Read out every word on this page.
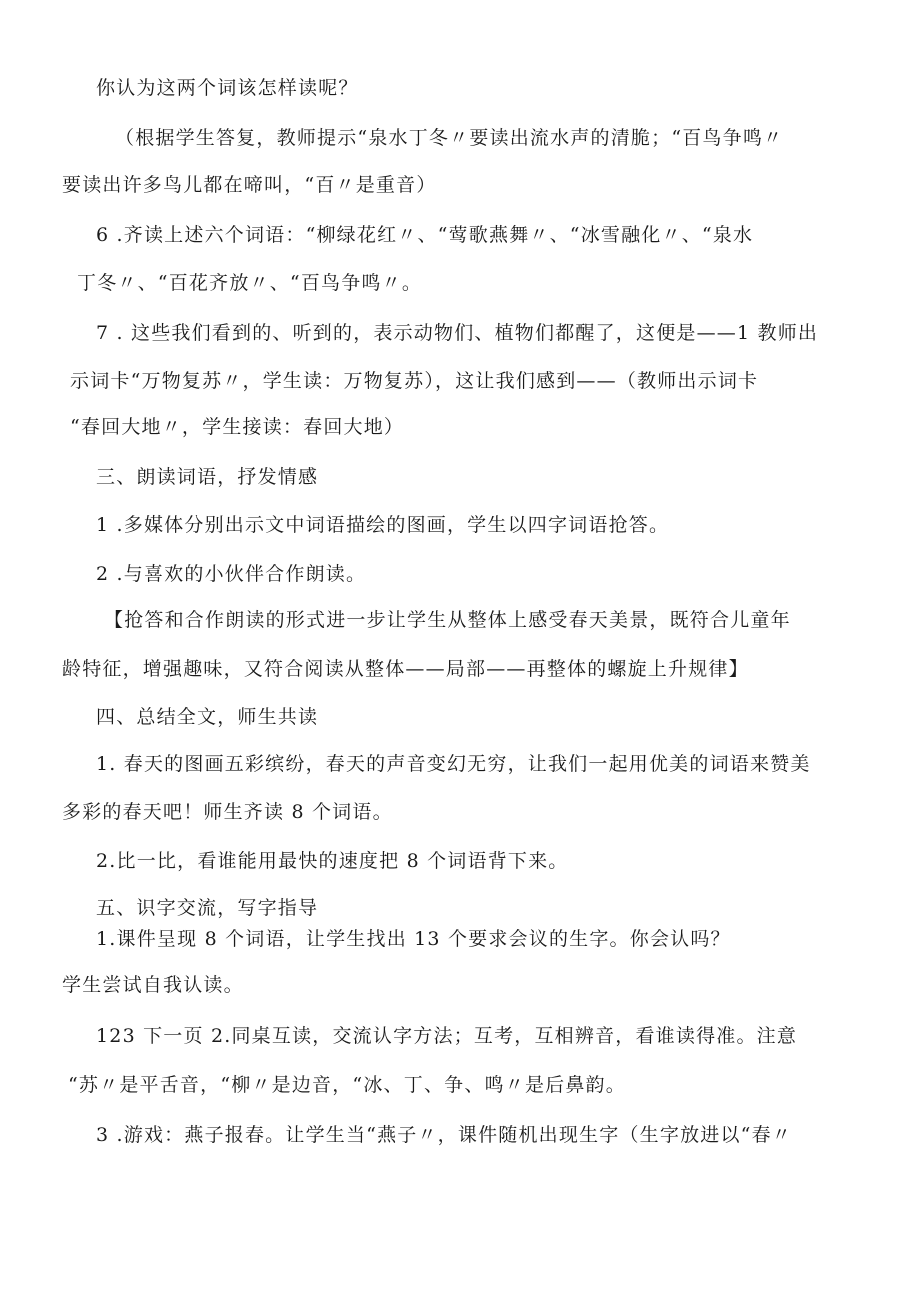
你认为这两个词该怎样读呢？
（根据学生答复，教师提示“泉水丁冬〃要读出流水声的清脆；“百鸟争鸣〃
要读出许多鸟儿都在啼叫，“百〃是重音）
6 .齐读上述六个词语：“柳绿花红〃、“莺歌燕舞〃、“冰雪融化〃、“泉水
丁冬〃、“百花齐放〃、“百鸟争鸣〃。
7 . 这些我们看到的、听到的，表示动物们、植物们都醒了，这便是——1 教师出
示词卡“万物复苏〃，学生读：万物复苏），这让我们感到——（教师出示词卡
“春回大地〃，学生接读：春回大地）
三、朗读词语，抒发情感
1 .多媒体分别出示文中词语描绘的图画，学生以四字词语抢答。
2 .与喜欢的小伙伴合作朗读。
【抢答和合作朗读的形式进一步让学生从整体上感受春天美景，既符合儿童年
龄特征，增强趣味，又符合阅读从整体——局部——再整体的螺旋上升规律】
四、总结全文，师生共读
1. 春天的图画五彩缤纷，春天的声音变幻无穷，让我们一起用优美的词语来赞美
多彩的春天吧！师生齐读 8 个词语。
2.比一比，看谁能用最快的速度把 8 个词语背下来。
五、识字交流，写字指导
1.课件呈现 8 个词语，让学生找出 13 个要求会议的生字。你会认吗？
学生尝试自我认读。
123 下一页 2.同桌互读，交流认字方法；互考，互相辨音，看谁读得准。注意
“苏〃是平舌音，“柳〃是边音，“冰、丁、争、鸣〃是后鼻韵。
3 .游戏：燕子报春。让学生当“燕子〃，课件随机出现生字（生字放进以“春〃
